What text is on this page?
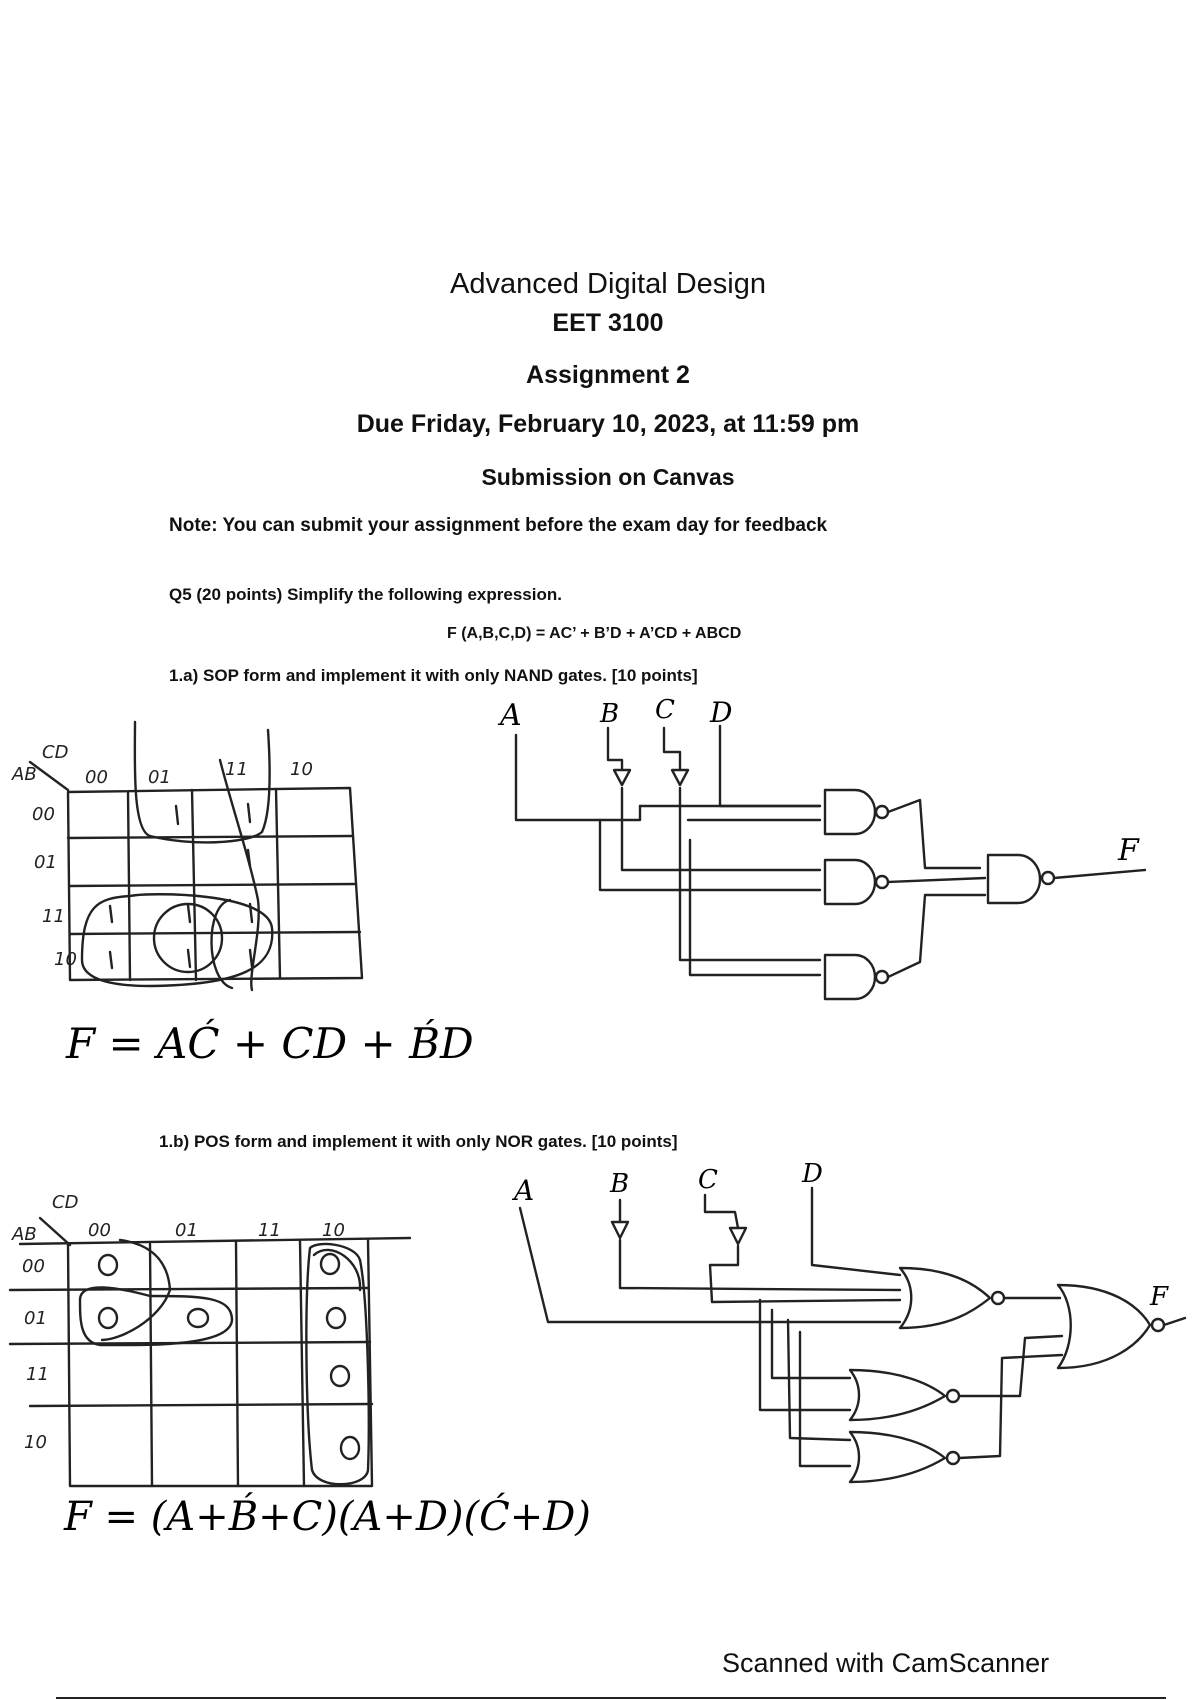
Advanced Digital Design
EET 3100
Assignment 2
Due Friday, February 10, 2023, at 11:59 pm
Submission on Canvas
Note: You can submit your assignment before the exam day for feedback
Q5 (20 points) Simplify the following expression.
F (A,B,C,D) = AC’ + B’D + A’CD + ABCD
1.a) SOP form and implement it with only NAND gates. [10 points]
1.b) POS form and implement it with only NOR gates. [10 points]
AB
CD
00 01	11 10
00
01
11
10
F = AĆ + CD + B́D
A	B C D
F
AB
CD
00	01	11 10
00
01
11
10
F = (A+B́+C)(A+D)(Ć+D)
A	B	C	D
F
Scanned with CamScanner
